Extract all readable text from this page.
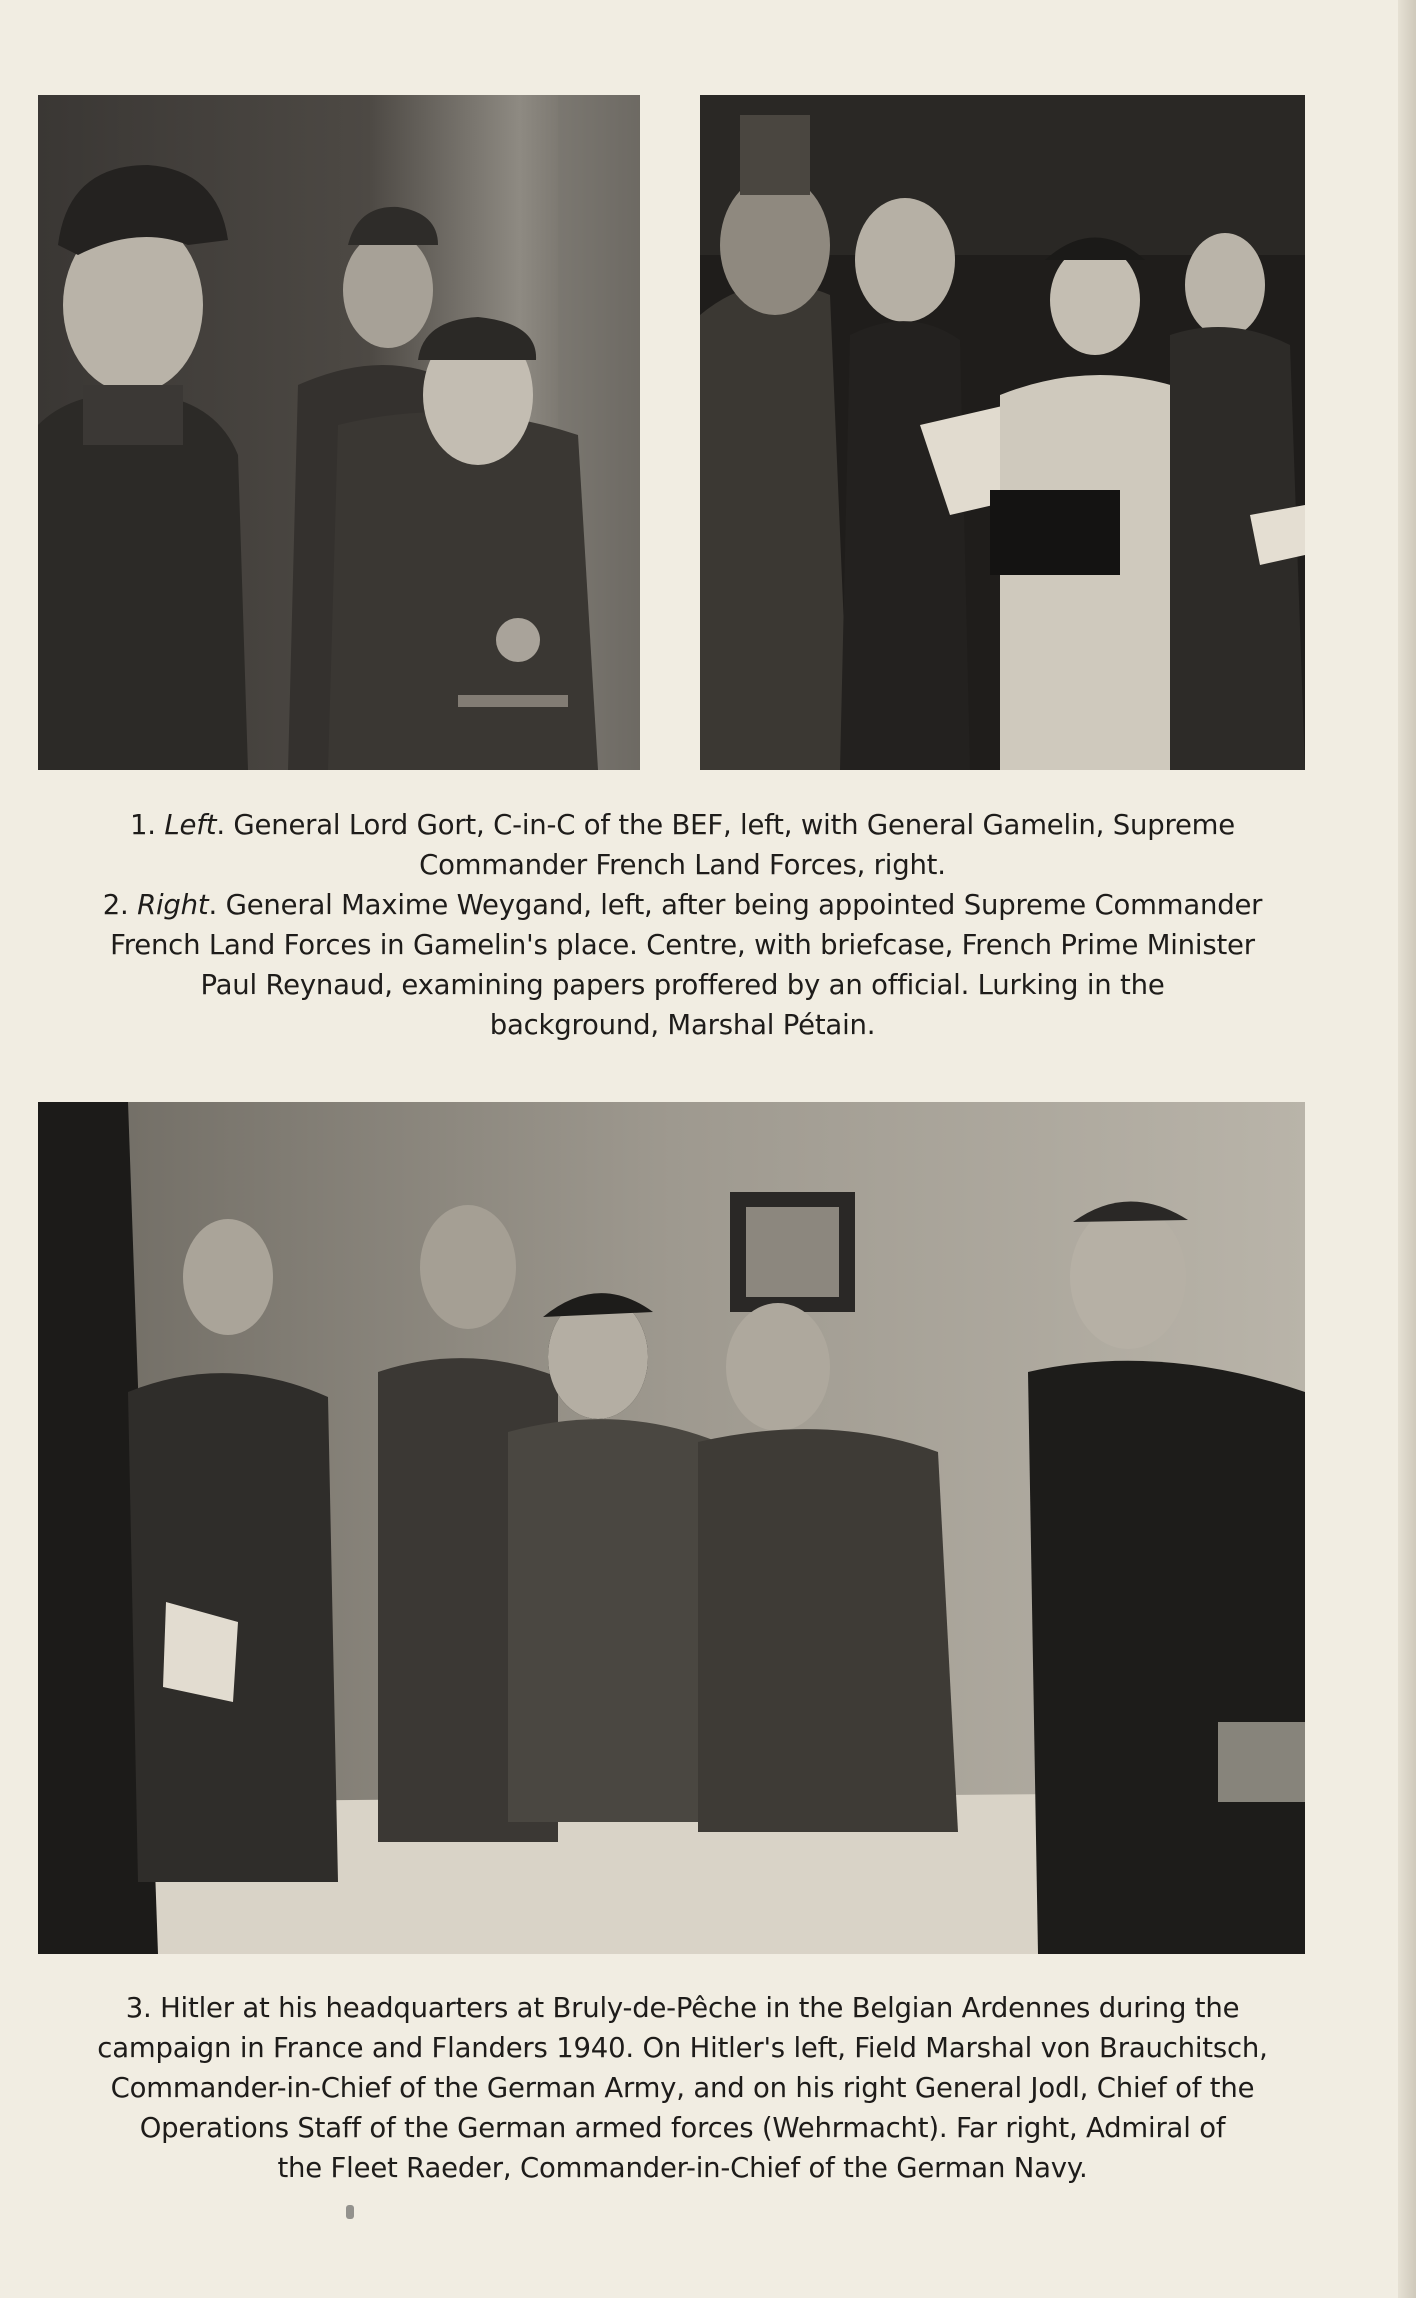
1. Left. General Lord Gort, C-in-C of the BEF, left, with General Gamelin, Supreme
Commander French Land Forces, right.
2. Right. General Maxime Weygand, left, after being appointed Supreme Commander
French Land Forces in Gamelin's place. Centre, with briefcase, French Prime Minister
Paul Reynaud, examining papers proffered by an official. Lurking in the
background, Marshal Pétain.
3. Hitler at his headquarters at Bruly-de-Pêche in the Belgian Ardennes during the
campaign in France and Flanders 1940. On Hitler's left, Field Marshal von Brauchitsch,
Commander-in-Chief of the German Army, and on his right General Jodl, Chief of the
Operations Staff of the German armed forces (Wehrmacht). Far right, Admiral of
the Fleet Raeder, Commander-in-Chief of the German Navy.
